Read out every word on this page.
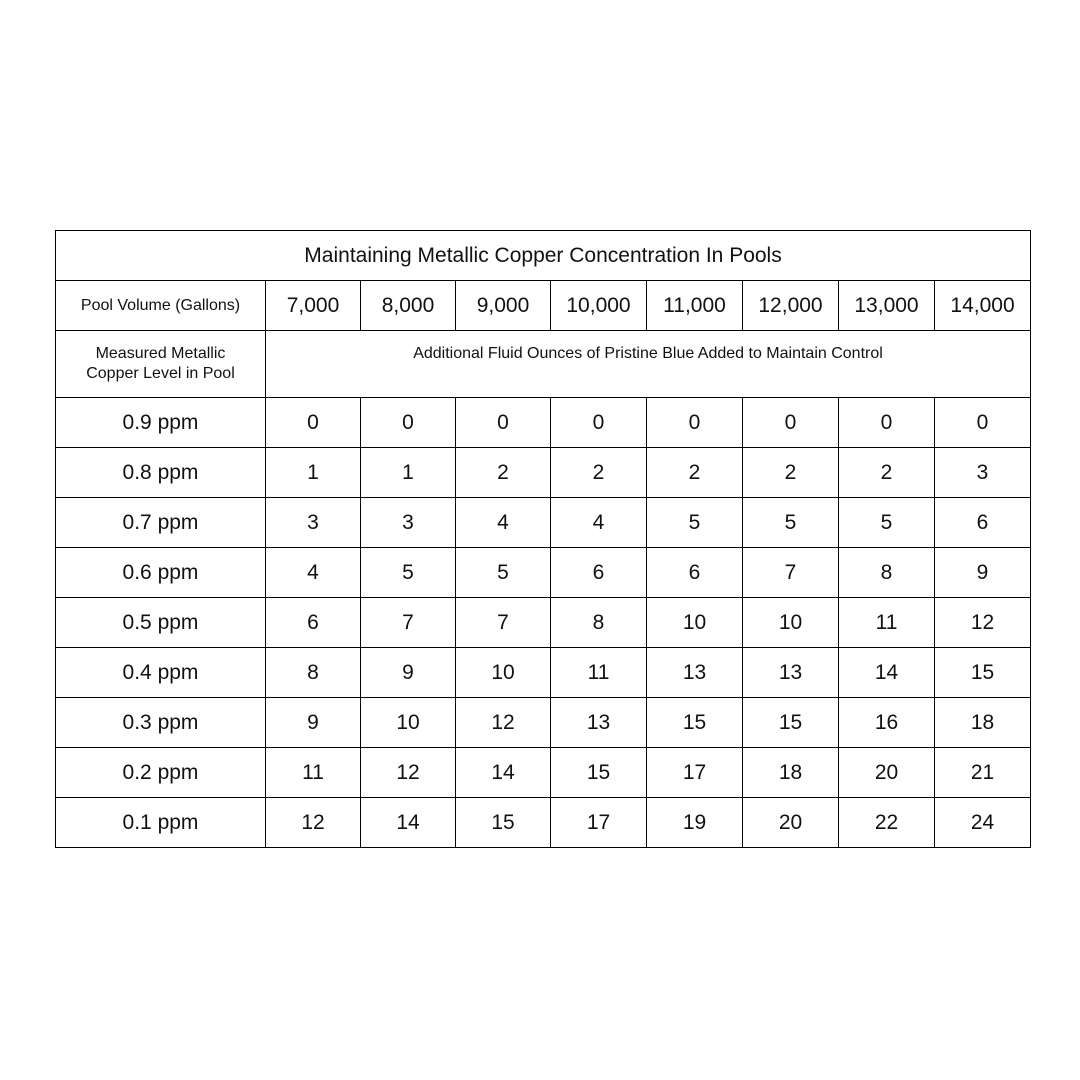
Maintaining Metallic Copper Concentration In Pools								
Pool Volume (Gallons)	7,000	8,000	9,000	10,000	11,000	12,000	13,000	14,000

Measured Metallic
Copper Level in Pool	Additional Fluid Ounces of Pristine Blue Added to Maintain Control							
0.9 ppm	0	0	0	0	0	0	0	0
0.8 ppm	1	1	2	2	2	2	2	3
0.7 ppm	3	3	4	4	5	5	5	6
0.6 ppm	4	5	5	6	6	7	8	9
0.5 ppm	6	7	7	8	10	10	11	12
0.4 ppm	8	9	10	11	13	13	14	15
0.3 ppm	9	10	12	13	15	15	16	18
0.2 ppm	11	12	14	15	17	18	20	21
0.1 ppm	12	14	15	17	19	20	22	24
